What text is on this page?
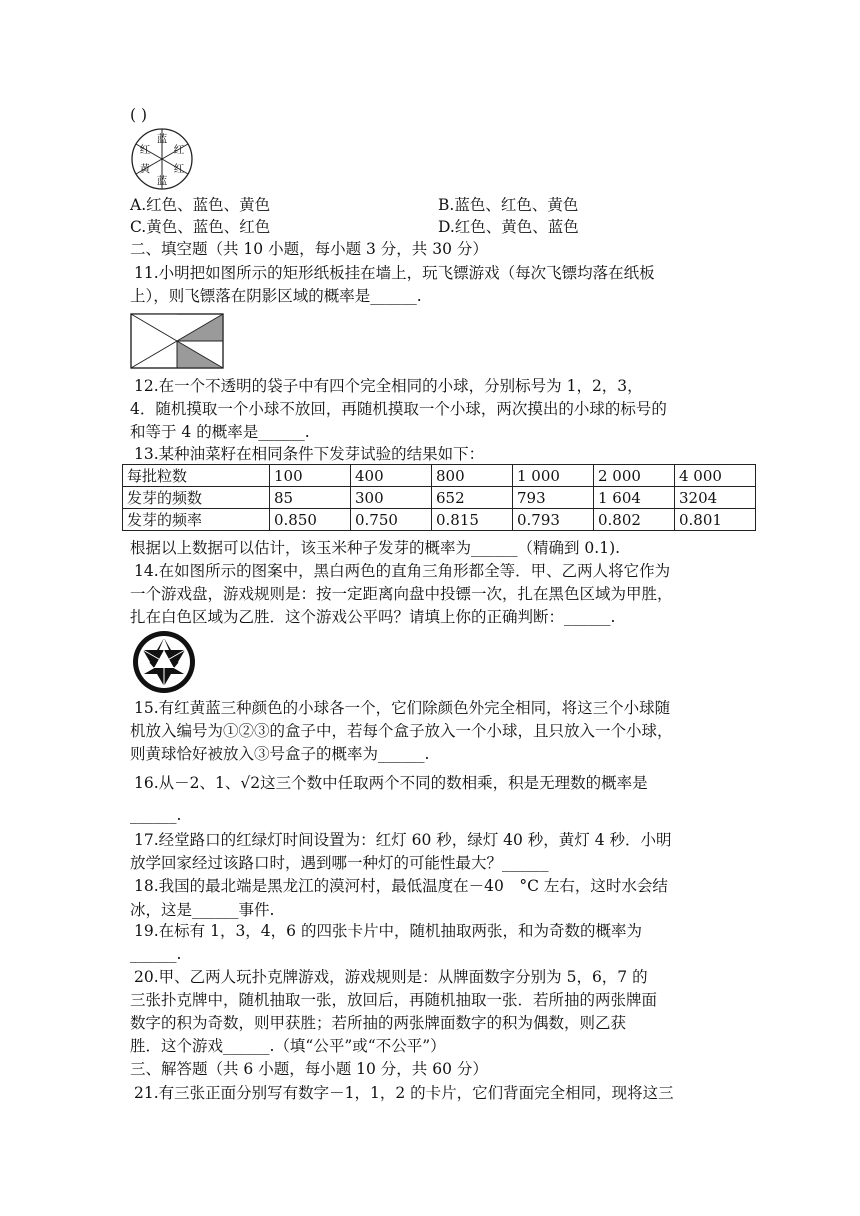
( )
蓝
红
红
黄
红
蓝
A.红色、蓝色、黄色	B.蓝色、红色、黄色
C.黄色、蓝色、红色	D.红色、黄色、蓝色
二、填空题（共 10 小题，每小题 3 分，共 30 分）
11.小明把如图所示的矩形纸板挂在墙上，玩飞镖游戏（每次飞镖均落在纸板
上），则飞镖落在阴影区域的概率是______.
12.在一个不透明的袋子中有四个完全相同的小球，分别标号为 1，2，3，
4．随机摸取一个小球不放回，再随机摸取一个小球，两次摸出的小球的标号的
和等于 4 的概率是______.
13.某种油菜籽在相同条件下发芽试验的结果如下：
每批粒数	100	400	800	1 000	2 000	4 000
发芽的频数	85	300	652	793	1 604	3204
发芽的频率	0.850	0.750	0.815	0.793	0.802	0.801
根据以上数据可以估计，该玉米种子发芽的概率为______（精确到 0.1).
14.在如图所示的图案中，黑白两色的直角三角形都全等．甲、乙两人将它作为
一个游戏盘，游戏规则是：按一定距离向盘中投镖一次，扎在黑色区域为甲胜，
扎在白色区域为乙胜．这个游戏公平吗？请填上你的正确判断：______.
15.有红黄蓝三种颜色的小球各一个，它们除颜色外完全相同，将这三个小球随
机放入编号为①②③的盒子中，若每个盒子放入一个小球，且只放入一个小球，
则黄球恰好被放入③号盒子的概率为______.
16.从－2、1、√2这三个数中任取两个不同的数相乘，积是无理数的概率是
______.
17.经堂路口的红绿灯时间设置为：红灯 60 秒，绿灯 40 秒，黄灯 4 秒．小明
放学回家经过该路口时，遇到哪一种灯的可能性最大？______
18.我国的最北端是黑龙江的漠河村，最低温度在－40　°C 左右，这时水会结
冰，这是______事件.
19.在标有 1，3，4，6 的四张卡片中，随机抽取两张，和为奇数的概率为
______.
20.甲、乙两人玩扑克牌游戏，游戏规则是：从牌面数字分别为 5，6，7 的
三张扑克牌中，随机抽取一张，放回后，再随机抽取一张．若所抽的两张牌面
数字的积为奇数，则甲获胜；若所抽的两张牌面数字的积为偶数，则乙获
胜．这个游戏______.（填“公平”或“不公平”）
三、解答题（共 6 小题，每小题 10 分，共 60 分）
21.有三张正面分别写有数字－1，1，2 的卡片，它们背面完全相同，现将这三
